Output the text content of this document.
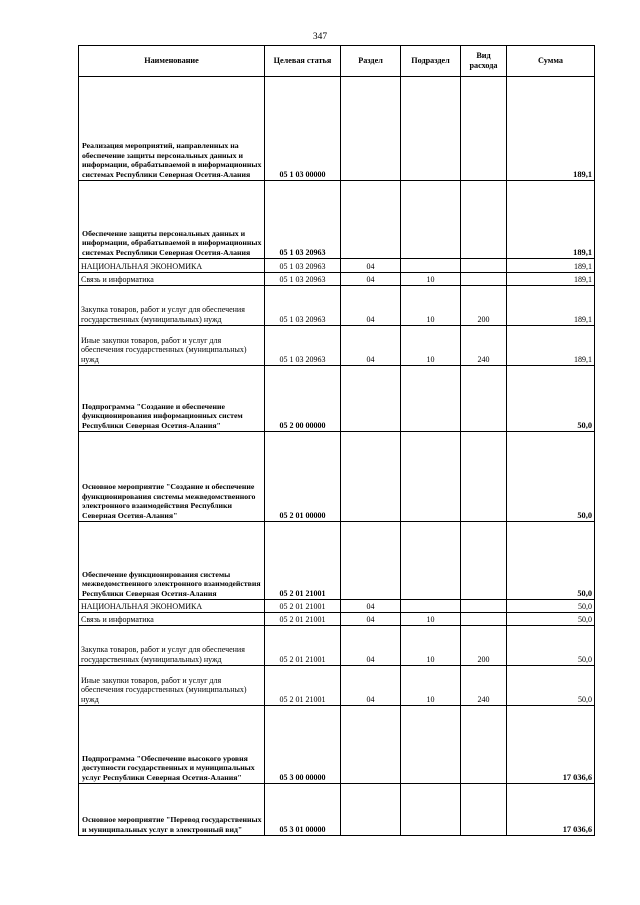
347
Наименование	Целевая статья	Раздел	Подраздел	Вид расхода	Сумма
Реализация мероприятий, направленных на обеспечение защиты персональных данных и информации, обрабатываемой в информационных системах Республики Северная Осетия-Алания	05 1 03 00000				189,1
Обеспечение защиты персональных данных и информации, обрабатываемой в информационных системах Республики Северная Осетия-Алания	05 1 03 20963				189,1
НАЦИОНАЛЬНАЯ ЭКОНОМИКА	05 1 03 20963	04			189,1
Связь и информатика	05 1 03 20963	04	10		189,1
Закупка товаров, работ и услуг для обеспечения государственных (муниципальных) нужд	05 1 03 20963	04	10	200	189,1
Иные закупки товаров, работ и услуг для обеспечения государственных (муниципальных) нужд	05 1 03 20963	04	10	240	189,1
Подпрограмма "Создание и обеспечение функционирования информационных систем Республики Северная Осетия-Алания"	05 2 00 00000				50,0
Основное мероприятие "Создание и обеспечение функционирования системы межведомственного электронного взаимодействия Республики Северная Осетия-Алания"	05 2 01 00000				50,0
Обеспечение функционирования системы межведомственного электронного взаимодействия Республики Северная Осетия-Алания	05 2 01 21001				50,0
НАЦИОНАЛЬНАЯ ЭКОНОМИКА	05 2 01 21001	04			50,0
Связь и информатика	05 2 01 21001	04	10		50,0
Закупка товаров, работ и услуг для обеспечения государственных (муниципальных) нужд	05 2 01 21001	04	10	200	50,0
Иные закупки товаров, работ и услуг для обеспечения государственных (муниципальных) нужд	05 2 01 21001	04	10	240	50,0
Подпрограмма "Обеспечение высокого уровня доступности государственных и муниципальных услуг Республики Северная Осетия-Алания"	05 3 00 00000				17 036,6
Основное мероприятие "Перевод государственных и муниципальных услуг в электронный вид"	05 3 01 00000				17 036,6
